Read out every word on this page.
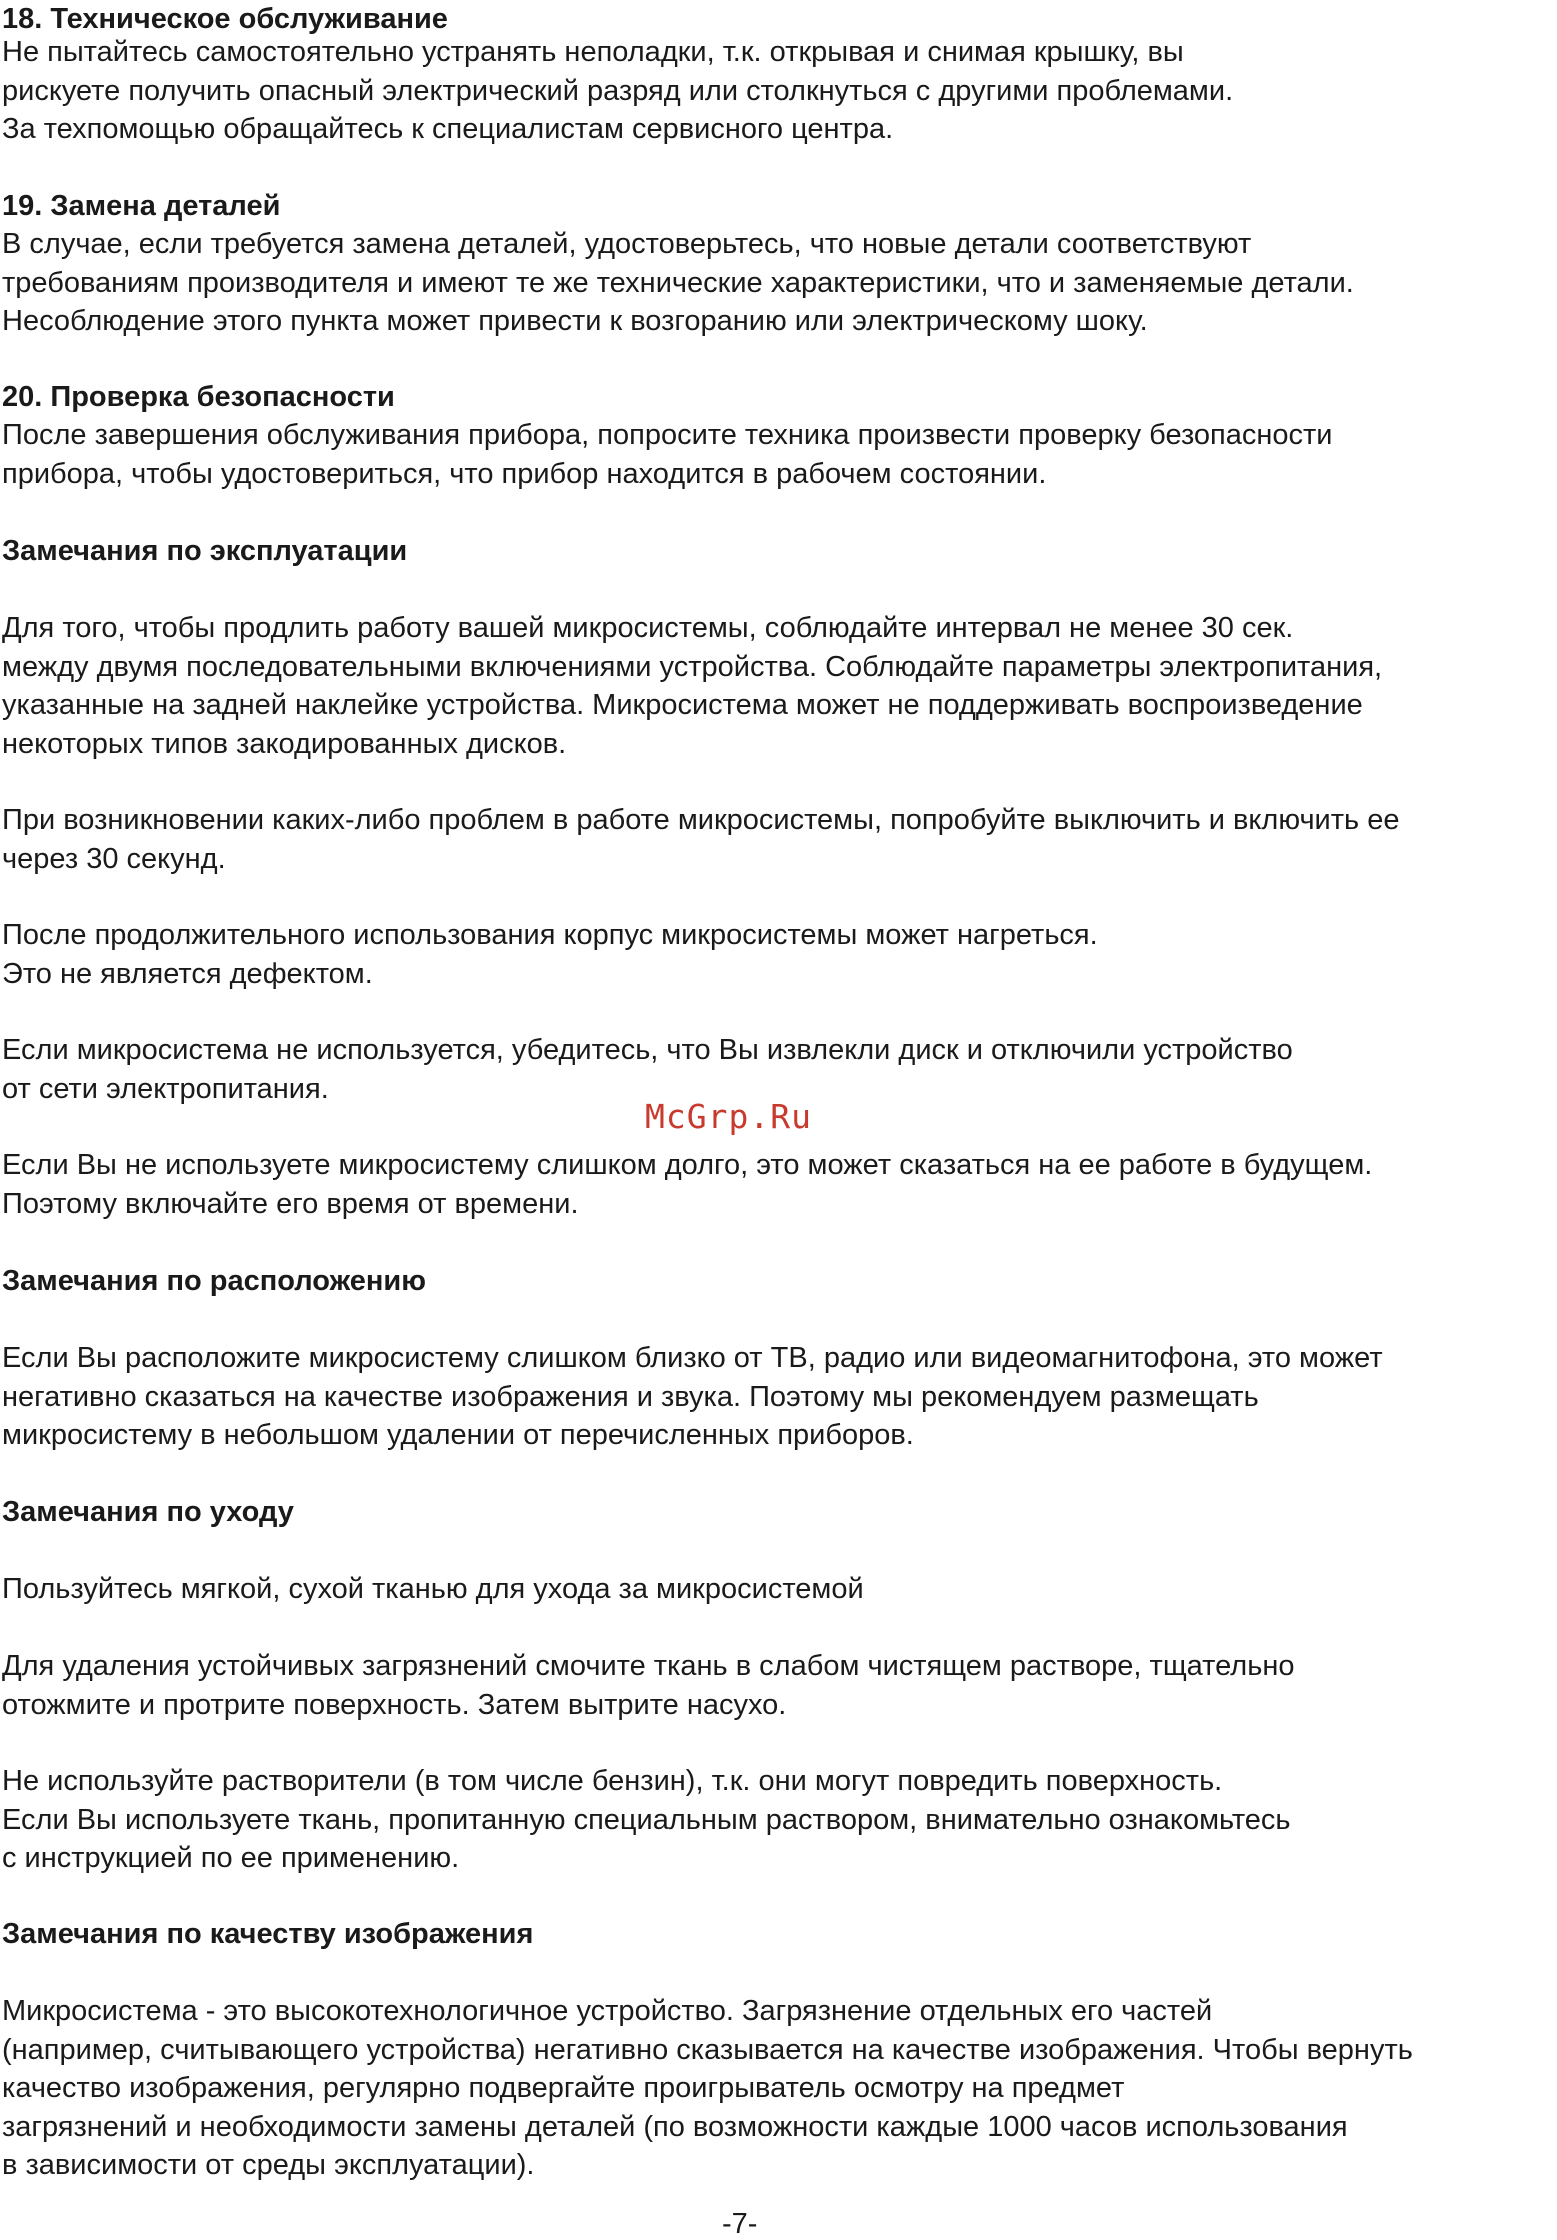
18. Техническое обслуживание

Не пытайтесь самостоятельно устранять неполадки, т.к. открывая и снимая крышку, вы
рискуете получить опасный электрический разряд или столкнуться с другими проблемами.
За техпомощью обращайтесь к специалистам сервисного центра.

19. Замена деталей

В случае, если требуется замена деталей, удостоверьтесь, что новые детали соответствуют
требованиям производителя и имеют те же технические характеристики, что и заменяемые детали.
Несоблюдение этого пункта может привести к возгоранию или электрическому шоку.

20. Проверка безопасности

После завершения обслуживания прибора, попросите техника произвести проверку безопасности
прибора, чтобы удостовериться, что прибор находится в рабочем состоянии.

Замечания по эксплуатации

Для того, чтобы продлить работу вашей микросистемы, соблюдайте интервал не менее 30 сек.
между двумя последовательными включениями устройства. Соблюдайте параметры электропитания,
указанные на задней наклейке устройства. Микросистема может не поддерживать воспроизведение
некоторых типов закодированных дисков.

При возникновении каких-либо проблем в работе микросистемы, попробуйте выключить и включить ее
через 30 секунд.

После продолжительного использования корпус микросистемы может нагреться.
Это не является дефектом.

Если микросистема не используется, убедитесь, что Вы извлекли диск и отключили устройство
от сети электропитания.

Если Вы не используете микросистему слишком долго, это может сказаться на ее работе в будущем.
Поэтому включайте его время от времени.

McGrp.Ru
Замечания по расположению

Если Вы расположите микросистему слишком близко от ТВ, радио или видеомагнитофона, это может
негативно сказаться на качестве изображения и звука. Поэтому мы рекомендуем размещать
микросистему в небольшом удалении от перечисленных приборов.

Замечания по уходу

Пользуйтесь мягкой, сухой тканью для ухода за микросистемой

Для удаления устойчивых загрязнений смочите ткань в слабом чистящем растворе, тщательно
отожмите и протрите поверхность. Затем вытрите насухо.

Не используйте растворители (в том числе бензин), т.к. они могут повредить поверхность.
Если Вы используете ткань, пропитанную специальным раствором, внимательно ознакомьтесь
с инструкцией по ее применению.

Замечания по качеству изображения

Микросистема - это высокотехнологичное устройство. Загрязнение отдельных его частей
(например, считывающего устройства) негативно сказывается на качестве изображения. Чтобы вернуть
качество изображения, регулярно подвергайте проигрыватель осмотру на предмет
загрязнений и необходимости замены деталей (по возможности каждые 1000 часов использования
в зависимости от среды эксплуатации).

-7-
